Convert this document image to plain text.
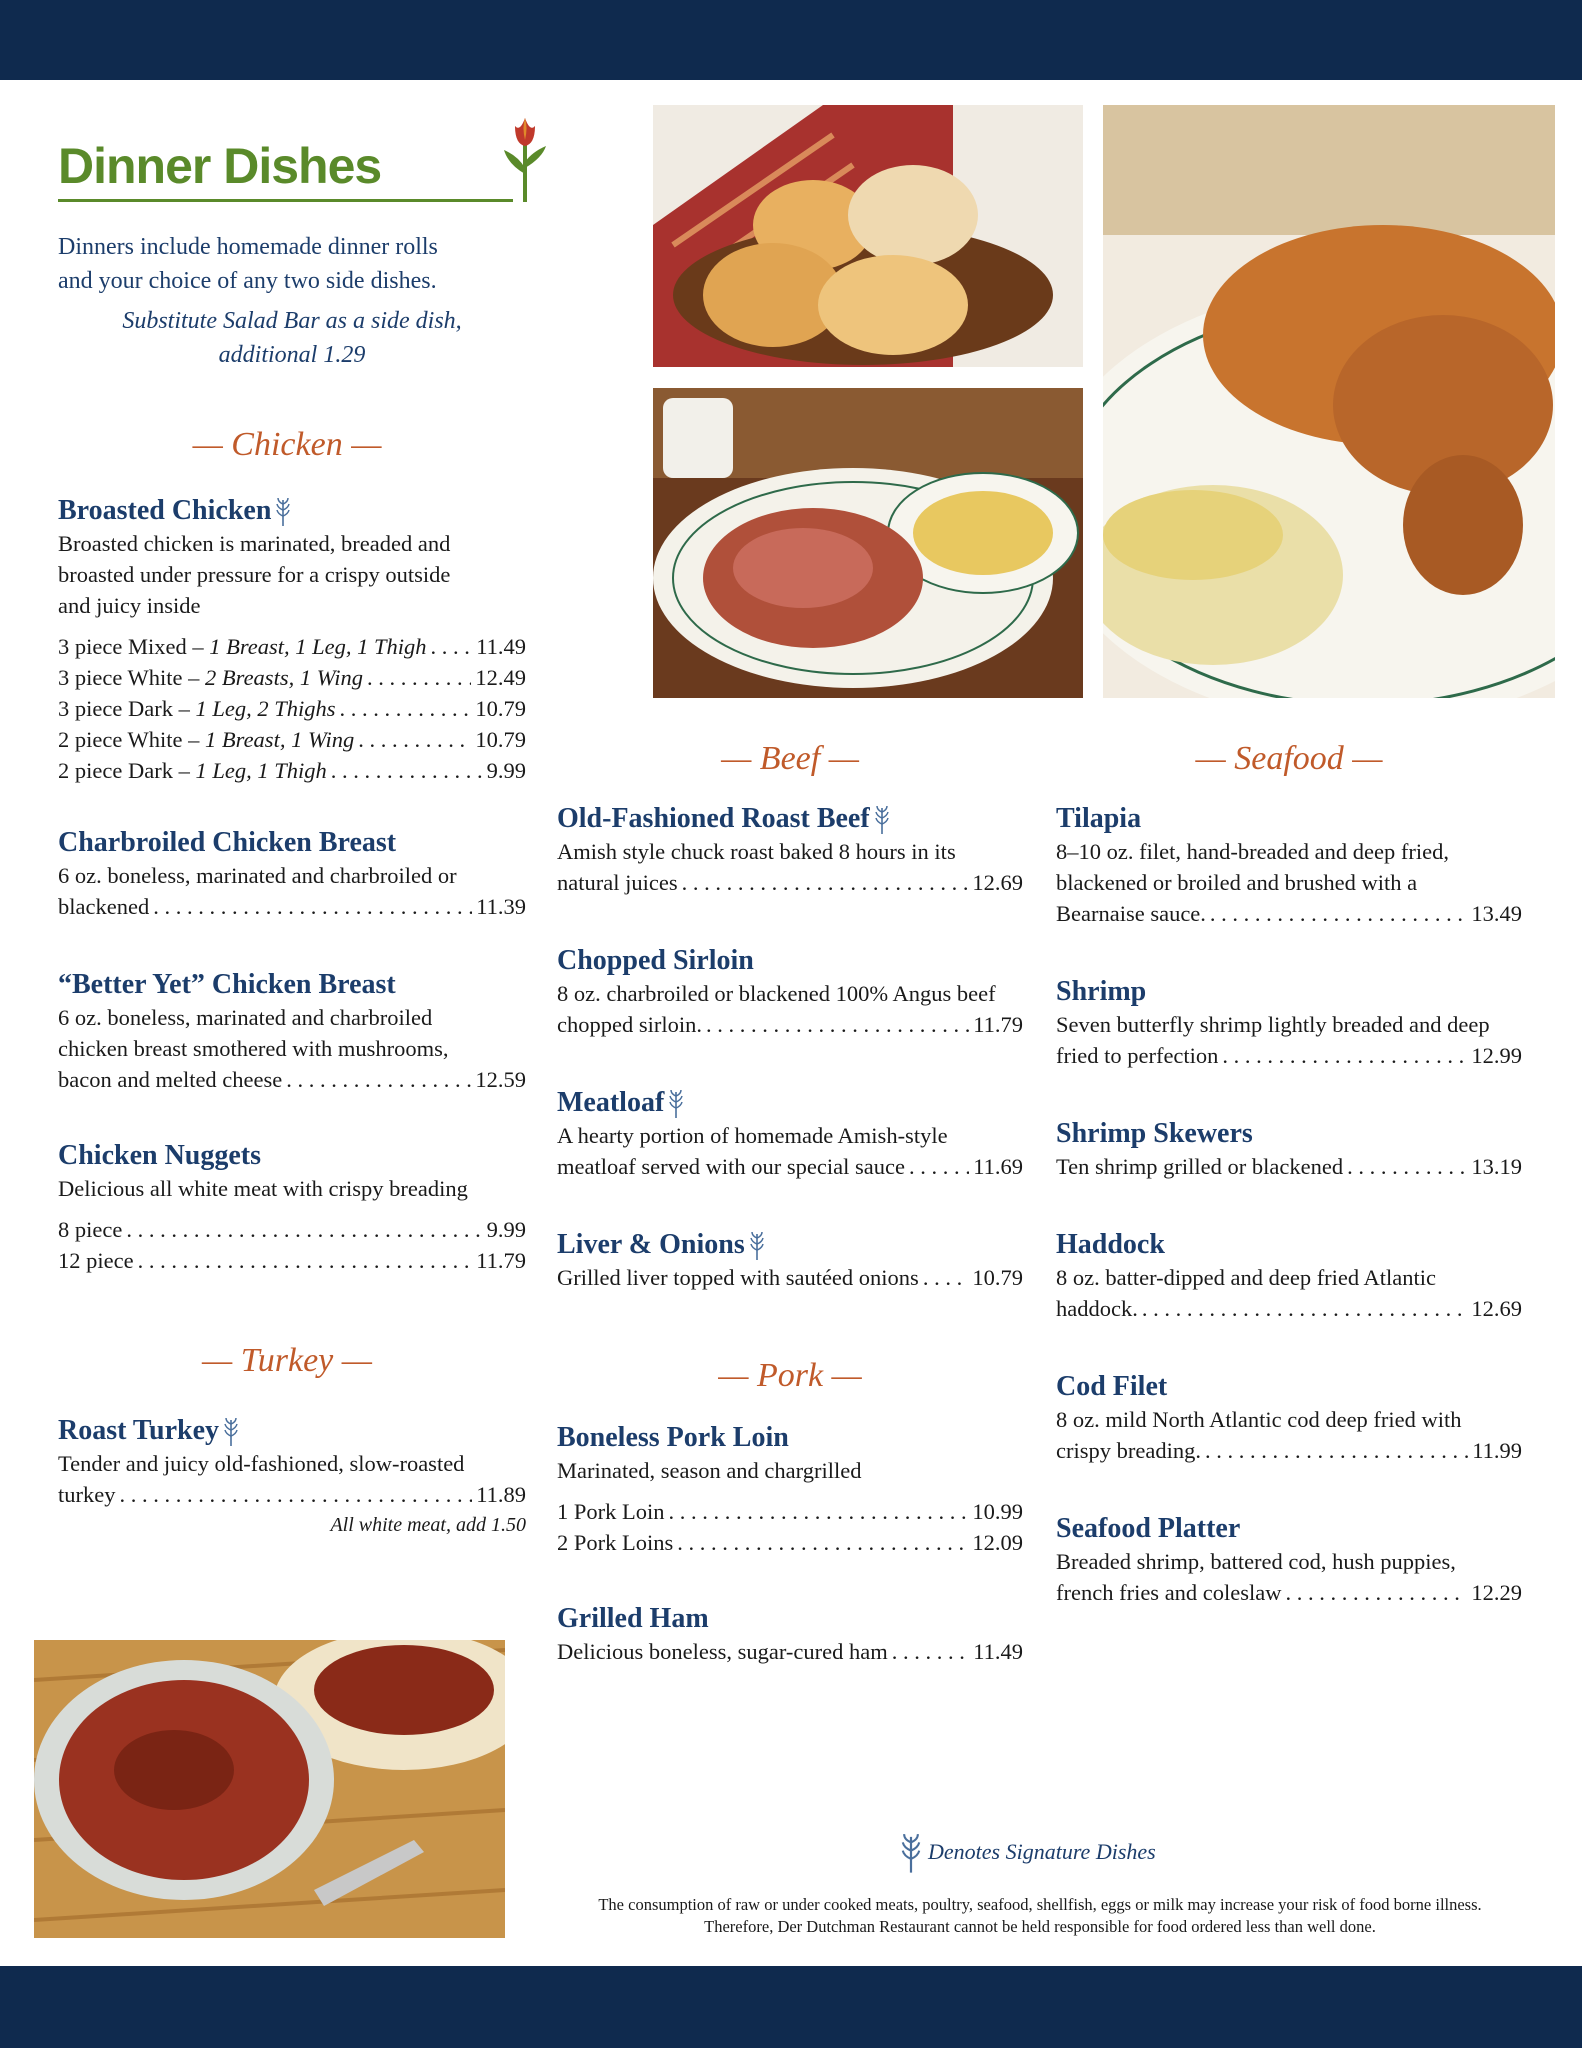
Dinner Dishes
Dinners include homemade dinner rolls
and your choice of any two side dishes.
Substitute Salad Bar as a side dish,
additional 1.29
— Chicken —
Broasted Chicken
Broasted chicken is marinated, breaded and
broasted under pressure for a crispy outside
and juicy inside
3 piece Mixed – 1 Breast, 1 Leg, 1 Thigh . . . 11.49
3 piece White – 2 Breasts, 1 Wing . . .	12.49
3 piece Dark – 1 Leg, 2 Thighs . . .	10.79
2 piece White – 1 Breast, 1 Wing . . .	10.79
2 piece Dark – 1 Leg, 1 Thigh . . .	9.99
Charbroiled Chicken Breast
6 oz. boneless, marinated and charbroiled or
blackened . . .	11.39
“Better Yet” Chicken Breast
6 oz. boneless, marinated and charbroiled
chicken breast smothered with mushrooms,
bacon and melted cheese . . .	12.59
Chicken Nuggets
Delicious all white meat with crispy breading
8 piece . . .	9.99
12 piece . . .	11.79
— Turkey —
Roast Turkey
Tender and juicy old-fashioned, slow-roasted
turkey . . .	11.89
All white meat, add 1.50
— Beef —
Old-Fashioned Roast Beef
Amish style chuck roast baked 8 hours in its
natural juices . . .	12.69
Chopped Sirloin
8 oz. charbroiled or blackened 100% Angus beef
chopped sirloin. . . .	11.79
Meatloaf
A hearty portion of homemade Amish-style
meatloaf served with our special sauce . . .	11.69
Liver & Onions
Grilled liver topped with sautéed onions . . . 10.79
— Pork —
Boneless Pork Loin
Marinated, season and chargrilled
1 Pork Loin . . .	10.99
2 Pork Loins . . .	12.09
Grilled Ham
Delicious boneless, sugar-cured ham . . .	11.49
— Seafood —
Tilapia
8–10 oz. filet, hand-breaded and deep fried,
blackened or broiled and brushed with a
Bearnaise sauce. . . .	13.49
Shrimp
Seven butterfly shrimp lightly breaded and deep
fried to perfection . . .	12.99
Shrimp Skewers
Ten shrimp grilled or blackened . . .	13.19
Haddock
8 oz. batter-dipped and deep fried Atlantic
haddock. . . .	12.69
Cod Filet
8 oz. mild North Atlantic cod deep fried with
crispy breading. . . .	11.99
Seafood Platter
Breaded shrimp, battered cod, hush puppies,
french fries and coleslaw . . .	12.29
Denotes Signature Dishes
The consumption of raw or under cooked meats, poultry, seafood, shellfish, eggs or milk may increase your risk of food borne illness.
Therefore, Der Dutchman Restaurant cannot be held responsible for food ordered less than well done.
